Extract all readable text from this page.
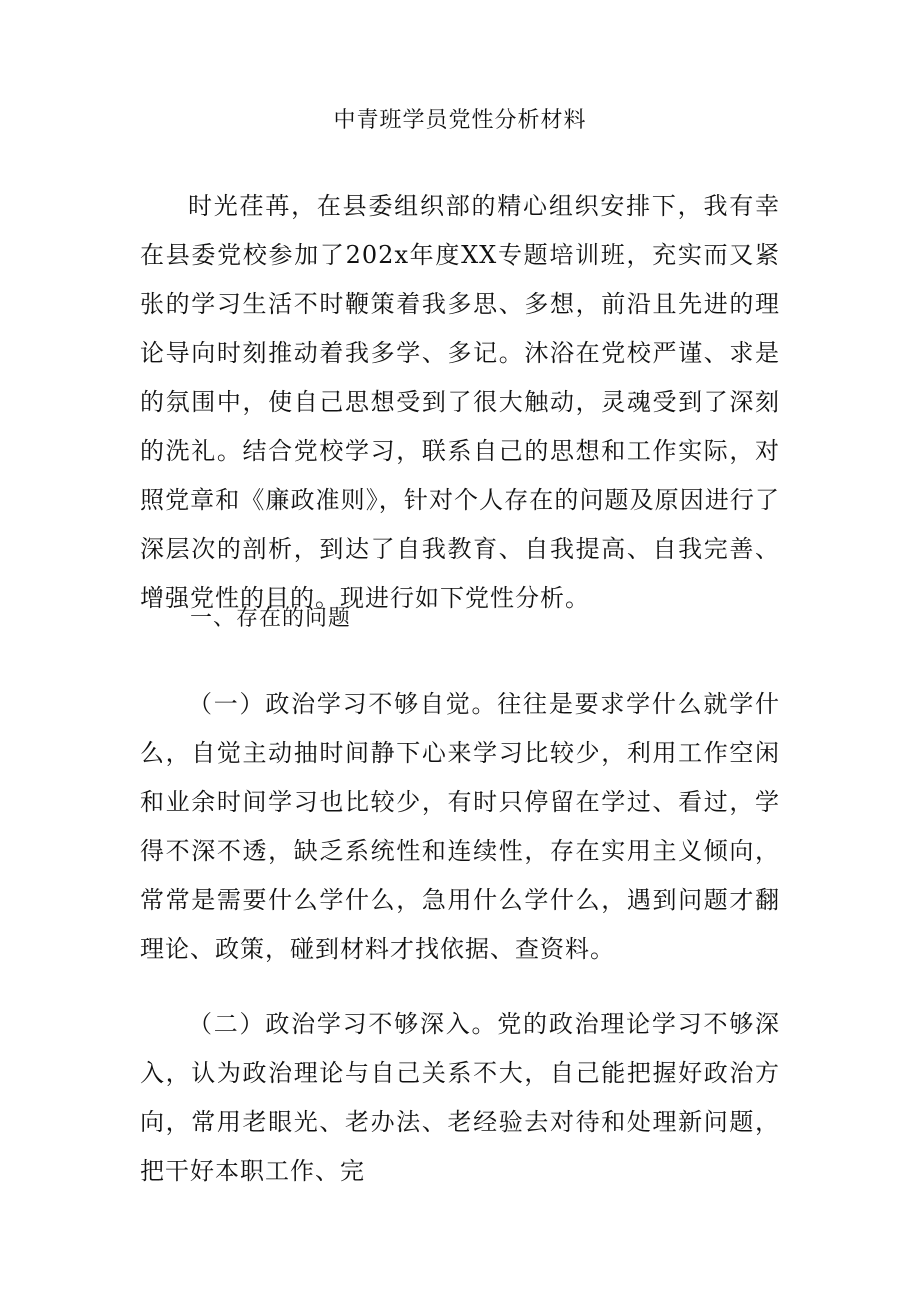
中青班学员党性分析材料

时光荏苒，在县委组织部的精心组织安排下，我有幸在县委党校参加了202x年度XX专题培训班，充实而又紧张的学习生活不时鞭策着我多思、多想，前沿且先进的理论导向时刻推动着我多学、多记。沐浴在党校严谨、求是的氛围中，使自己思想受到了很大触动，灵魂受到了深刻的洗礼。结合党校学习，联系自己的思想和工作实际，对照党章和《廉政准则》，针对个人存在的问题及原因进行了深层次的剖析，到达了自我教育、自我提高、自我完善、增强党性的目的。现进行如下党性分析。

一、存在的问题

（一）政治学习不够自觉。往往是要求学什么就学什么，自觉主动抽时间静下心来学习比较少，利用工作空闲和业余时间学习也比较少，有时只停留在学过、看过，学得不深不透，缺乏系统性和连续性，存在实用主义倾向，常常是需要什么学什么，急用什么学什么，遇到问题才翻理论、政策，碰到材料才找依据、查资料。

（二）政治学习不够深入。党的政治理论学习不够深入，认为政治理论与自己关系不大，自己能把握好政治方向，常用老眼光、老办法、老经验去对待和处理新问题，把干好本职工作、完
